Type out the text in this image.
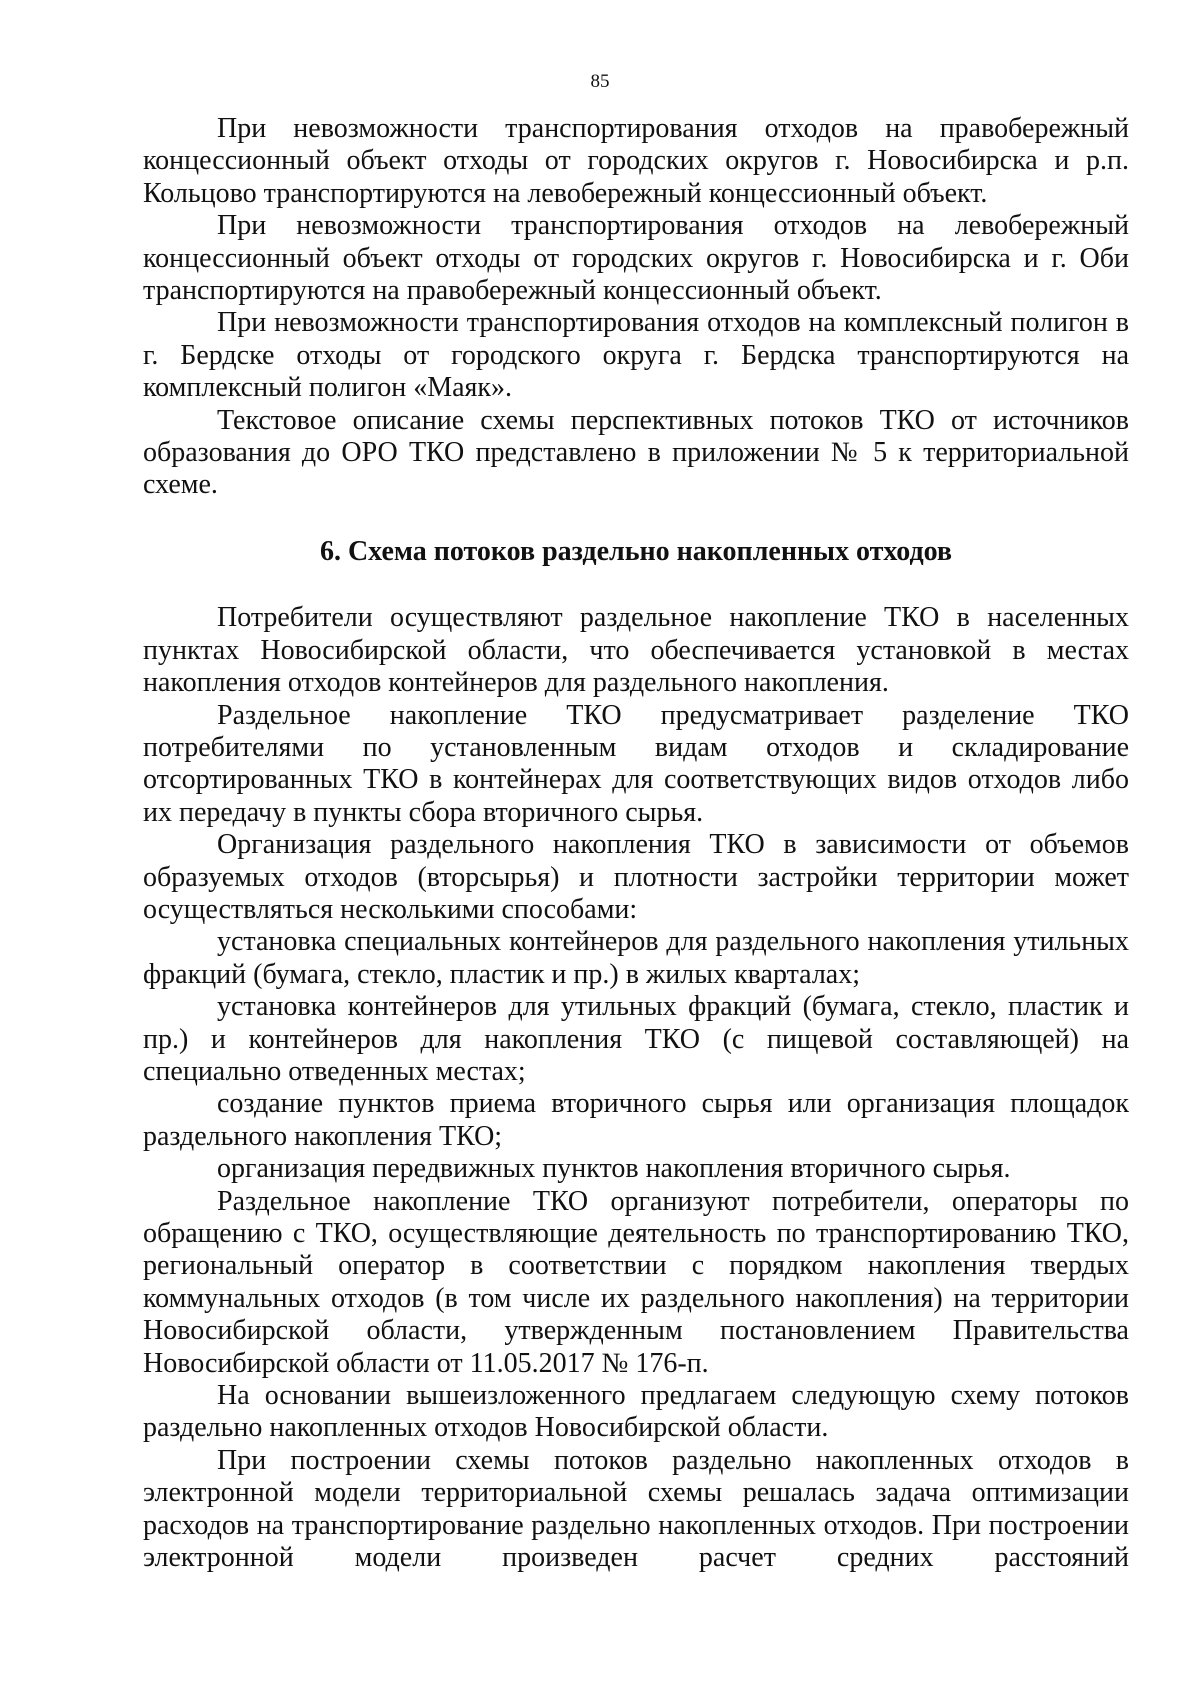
85

При невозможности транспортирования отходов на правобережный концессионный объект отходы от городских округов г. Новосибирска и р.п. Кольцово транспортируются на левобережный концессионный объект.

При невозможности транспортирования отходов на левобережный концессионный объект отходы от городских округов г. Новосибирска и г. Оби транспортируются на правобережный концессионный объект.

При невозможности транспортирования отходов на комплексный полигон в г. Бердске отходы от городского округа г. Бердска транспортируются на комплексный полигон «Маяк».

Текстовое описание схемы перспективных потоков ТКО от источников образования до ОРО ТКО представлено в приложении № 5 к территориальной схеме.

6. Схема потоков раздельно накопленных отходов

Потребители осуществляют раздельное накопление ТКО в населенных пунктах Новосибирской области, что обеспечивается установкой в местах накопления отходов контейнеров для раздельного накопления.

Раздельное накопление ТКО предусматривает разделение ТКО потребителями по установленным видам отходов и складирование отсортированных ТКО в контейнерах для соответствующих видов отходов либо их передачу в пункты сбора вторичного сырья.

Организация раздельного накопления ТКО в зависимости от объемов образуемых отходов (вторсырья) и плотности застройки территории может осуществляться несколькими способами:

установка специальных контейнеров для раздельного накопления утильных фракций (бумага, стекло, пластик и пр.) в жилых кварталах;

установка контейнеров для утильных фракций (бумага, стекло, пластик и пр.) и контейнеров для накопления ТКО (с пищевой составляющей) на специально отведенных местах;

создание пунктов приема вторичного сырья или организация площадок раздельного накопления ТКО;

организация передвижных пунктов накопления вторичного сырья.

Раздельное накопление ТКО организуют потребители, операторы по обращению с ТКО, осуществляющие деятельность по транспортированию ТКО, региональный оператор в соответствии с порядком накопления твердых коммунальных отходов (в том числе их раздельного накопления) на территории Новосибирской области, утвержденным постановлением Правительства Новосибирской области от 11.05.2017 № 176-п.

На основании вышеизложенного предлагаем следующую схему потоков раздельно накопленных отходов Новосибирской области.

При построении схемы потоков раздельно накопленных отходов в электронной модели территориальной схемы решалась задача оптимизации расходов на транспортирование раздельно накопленных отходов. При построении электронной модели произведен расчет средних расстояний
